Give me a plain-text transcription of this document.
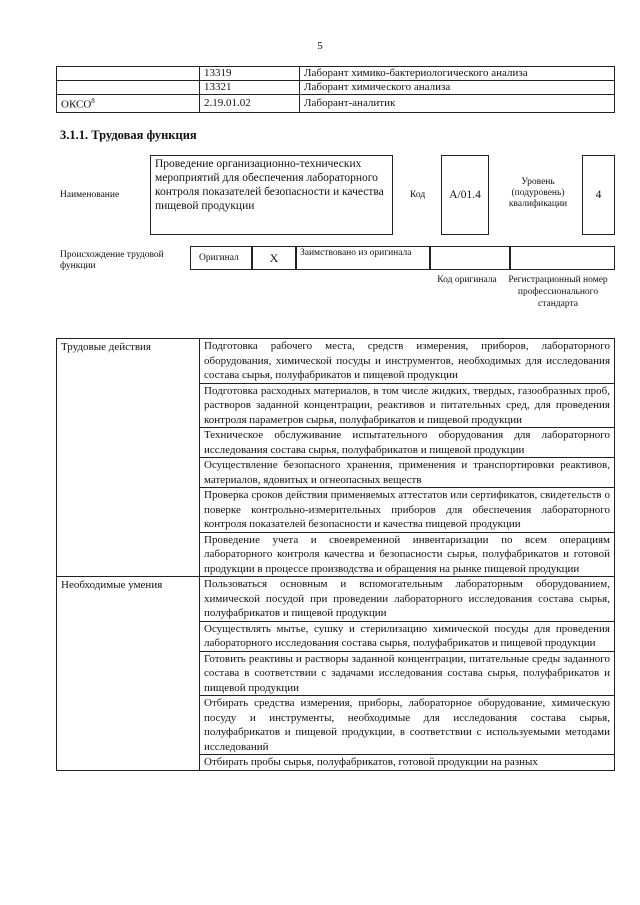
5
	13319	Лаборант химико-бактериологического анализа
	13321	Лаборант химического анализа
ОКСО$^8$	2.19.01.02	Лаборант-аналитик
3.1.1. Трудовая функция
Наименование
Проведение организационно-технических мероприятий для обеспечения лабораторного контроля показателей безопасности и качества пищевой продукции
Код	А/01.4
Уровень (подуровень) квалификации
4
Происхождение трудовой функции
Оригинал	X	Заимствовано из оригинала
Код оригинала	Регистрационный номер профессионального стандарта
Трудовые действия	Подготовка рабочего места, средств измерения, приборов, лабораторного оборудования, химической посуды и инструментов, необходимых для исследования состава сырья, полуфабрикатов и пищевой продукции
	Подготовка расходных материалов, в том числе жидких, твердых, газообразных проб, растворов заданной концентрации, реактивов и питательных сред, для проведения контроля параметров сырья, полуфабрикатов и пищевой продукции
	Техническое обслуживание испытательного оборудования для лабораторного исследования состава сырья, полуфабрикатов и пищевой продукции
	Осуществление безопасного хранения, применения и транспортировки реактивов, материалов, ядовитых и огнеопасных веществ
	Проверка сроков действия применяемых аттестатов или сертификатов, свидетельств о поверке контрольно-измерительных приборов для обеспечения лабораторного контроля показателей безопасности и качества пищевой продукции
	Проведение учета и своевременной инвентаризации по всем операциям лабораторного контроля качества и безопасности сырья, полуфабрикатов и готовой продукции в процессе производства и обращения на рынке пищевой продукции
Необходимые умения	Пользоваться основным и вспомогательным лабораторным оборудованием, химической посудой при проведении лабораторного исследования состава сырья, полуфабрикатов и пищевой продукции
	Осуществлять мытье, сушку и стерилизацию химической посуды для проведения лабораторного исследования состава сырья, полуфабрикатов и пищевой продукции
	Готовить реактивы и растворы заданной концентрации, питательные среды заданного состава в соответствии с задачами исследования состава сырья, полуфабрикатов и пищевой продукции
	Отбирать средства измерения, приборы, лабораторное оборудование, химическую посуду и инструменты, необходимые для исследования состава сырья, полуфабрикатов и пищевой продукции, в соответствии с используемыми методами исследований
	Отбирать пробы сырья, полуфабрикатов, готовой продукции на разных
